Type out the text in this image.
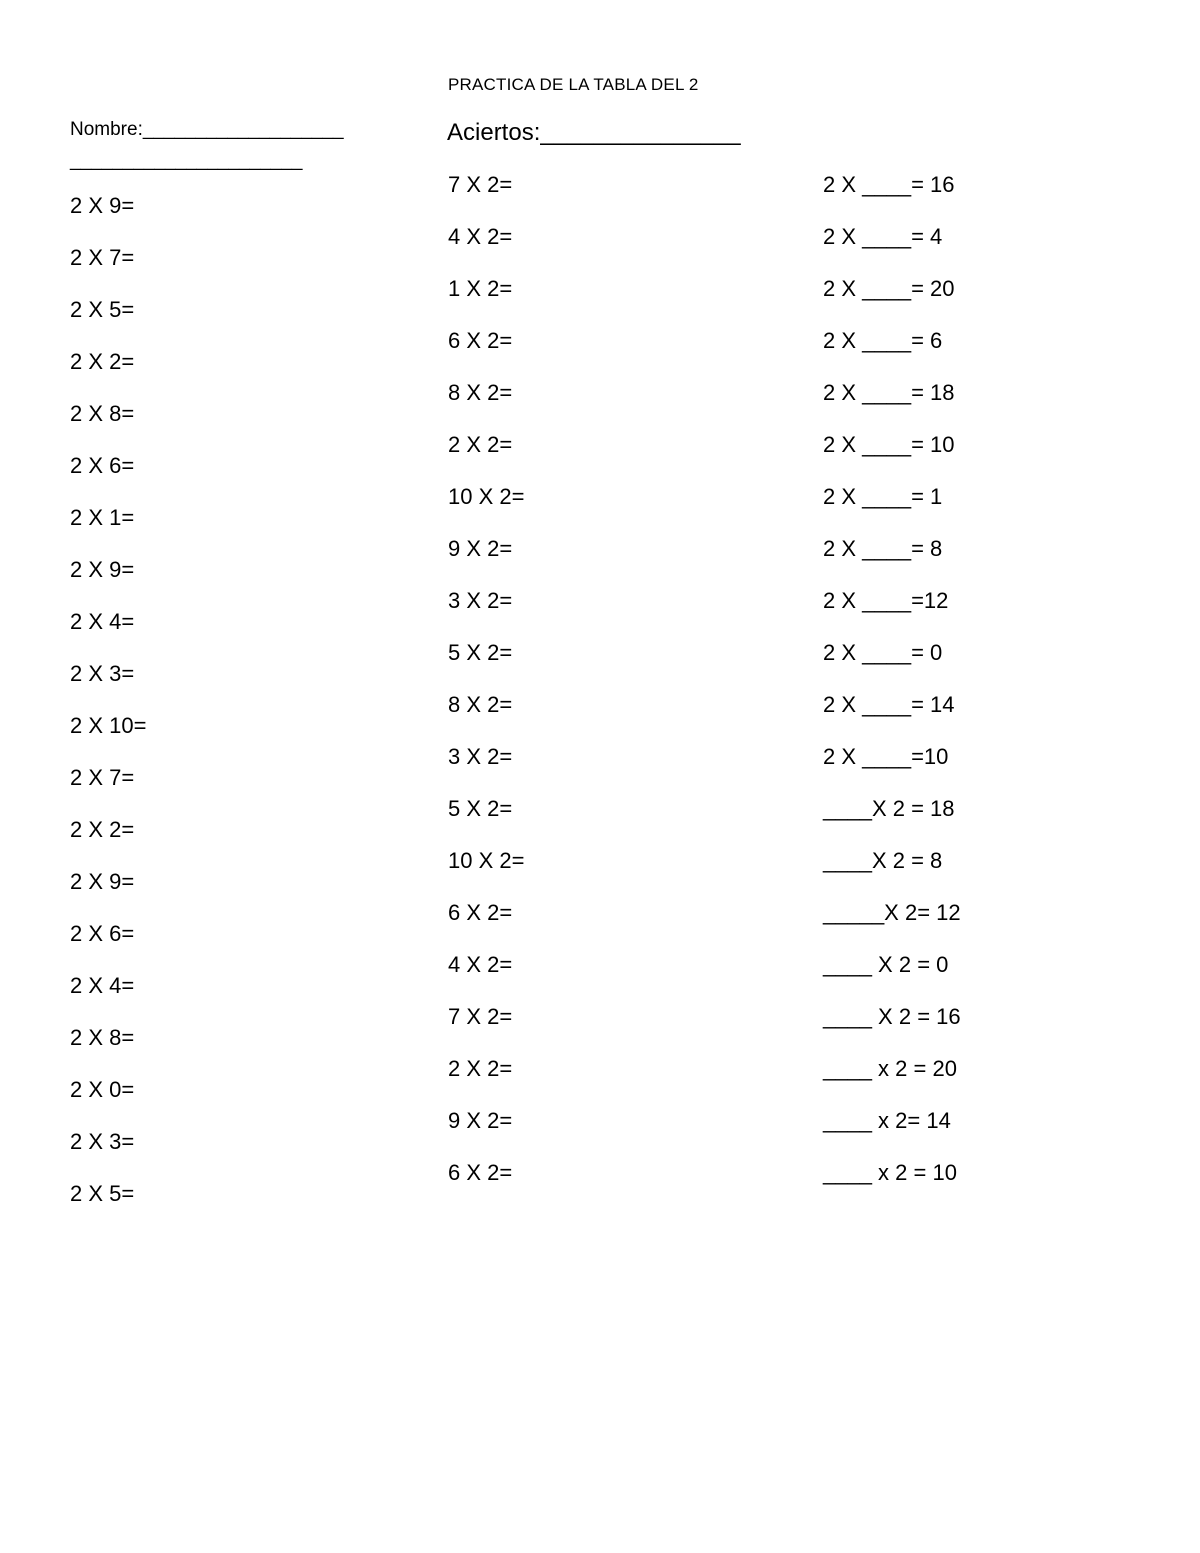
PRACTICA DE LA TABLA DEL 2
Nombre:___________________
______________________
Aciertos:_______________
2 X 9=
2 X 7=
2 X 5=
2 X 2=
2 X 8=
2 X 6=
2 X 1=
2 X 9=
2 X 4=
2 X 3=
2 X 10=
2 X 7=
2 X 2=
2 X 9=
2 X 6=
2 X 4=
2 X 8=
2 X 0=
2 X 3=
2 X 5=
7 X 2=
4 X 2=
1 X 2=
6 X 2=
8 X 2=
2 X 2=
10 X 2=
9 X 2=
3 X 2=
5 X 2=
8 X 2=
3 X 2=
5 X 2=
10 X 2=
6 X 2=
4 X 2=
7 X 2=
2 X 2=
9 X 2=
6 X 2=
2 X ____= 16
2 X ____= 4
2 X ____= 20
2 X ____= 6
2 X ____= 18
2 X ____= 10
2 X ____= 1
2 X ____= 8
2 X ____=12
2 X ____= 0
2 X ____= 14
2 X ____=10
____X 2 = 18
____X 2 = 8
_____X 2= 12
____ X 2 = 0
____ X 2 = 16
____ x 2 = 20
____ x 2= 14
____ x 2 = 10
